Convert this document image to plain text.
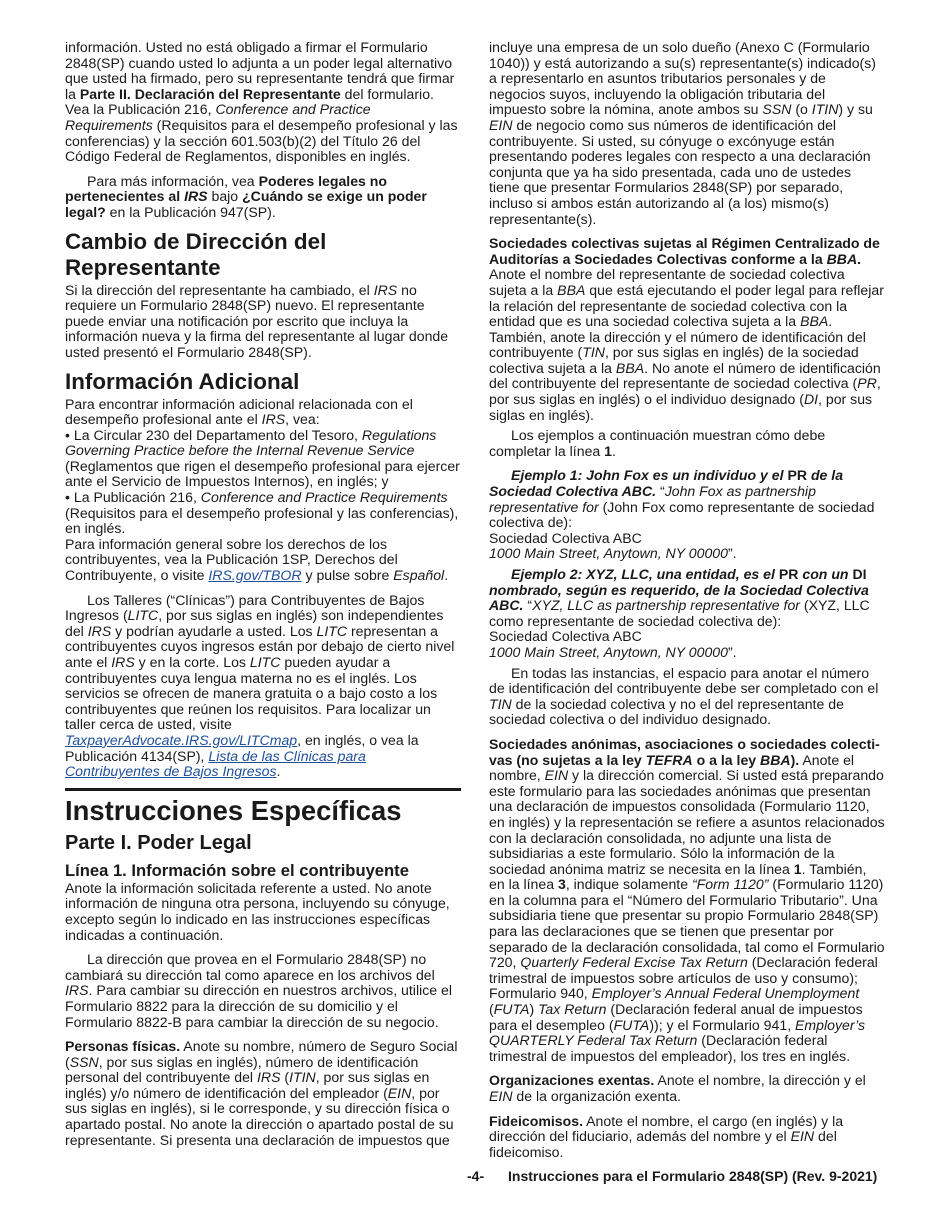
información. Usted no está obligado a firmar el Formulario 2848(SP) cuando usted lo adjunta a un poder legal alternativo que usted ha firmado, pero su representante tendrá que firmar la Parte II. Declaración del Representante del formulario. Vea la Publicación 216, Conference and Practice Requirements (Requisitos para el desempeño profesional y las conferencias) y la sección 601.503(b)(2) del Título 26 del Código Federal de Reglamentos, disponibles en inglés.

Para más información, vea Poderes legales no pertenecientes al IRS bajo ¿Cuándo se exige un poder legal? en la Publicación 947(SP).

Cambio de Dirección del Representante

Si la dirección del representante ha cambiado, el IRS no requiere un Formulario 2848(SP) nuevo. El representante puede enviar una notificación por escrito que incluya la información nueva y la firma del representante al lugar donde usted presentó el Formulario 2848(SP).

Información Adicional

Para encontrar información adicional relacionada con el desempeño profesional ante el IRS, vea:

• La Circular 230 del Departamento del Tesoro, Regulations Governing Practice before the Internal Revenue Service (Reglamentos que rigen el desempeño profesional para ejercer ante el Servicio de Impuestos Internos), en inglés; y

• La Publicación 216, Conference and Practice Requirements (Requisitos para el desempeño profesional y las conferencias), en inglés.

Para información general sobre los derechos de los contribuyentes, vea la Publicación 1SP, Derechos del Contribuyente, o visite IRS.gov/TBOR y pulse sobre Español.

Los Talleres (“Clínicas”) para Contribuyentes de Bajos Ingresos (LITC, por sus siglas en inglés) son independientes del IRS y podrían ayudarle a usted. Los LITC representan a contribuyentes cuyos ingresos están por debajo de cierto nivel ante el IRS y en la corte. Los LITC pueden ayudar a contribuyentes cuya lengua materna no es el inglés. Los servicios se ofrecen de manera gratuita o a bajo costo a los contribuyentes que reúnen los requisitos. Para localizar un taller cerca de usted, visite TaxpayerAdvocate.IRS.gov/LITCmap, en inglés, o vea la Publicación 4134(SP), Lista de las Clínicas para Contribuyentes de Bajos Ingresos.

Instrucciones Específicas
Parte I. Poder Legal
Línea 1. Información sobre el contribuyente

Anote la información solicitada referente a usted. No anote información de ninguna otra persona, incluyendo su cónyuge, excepto según lo indicado en las instrucciones específicas indicadas a continuación.

La dirección que provea en el Formulario 2848(SP) no cambiará su dirección tal como aparece en los archivos del IRS. Para cambiar su dirección en nuestros archivos, utilice el Formulario 8822 para la dirección de su domicilio y el Formulario 8822-B para cambiar la dirección de su negocio.

Personas físicas. Anote su nombre, número de Seguro Social (SSN, por sus siglas en inglés), número de identificación personal del contribuyente del IRS (ITIN, por sus siglas en inglés) y/o número de identificación del empleador (EIN, por sus siglas en inglés), si le corresponde, y su dirección física o apartado postal. No anote la dirección o apartado postal de su representante. Si presenta una declaración de impuestos que

incluye una empresa de un solo dueño (Anexo C (Formulario 1040)) y está autorizando a su(s) representante(s) indicado(s) a representarlo en asuntos tributarios personales y de negocios suyos, incluyendo la obligación tributaria del impuesto sobre la nómina, anote ambos su SSN (o ITIN) y su EIN de negocio como sus números de identificación del contribuyente. Si usted, su cónyuge o excónyuge están presentando poderes legales con respecto a una declaración conjunta que ya ha sido presentada, cada uno de ustedes tiene que presentar Formularios 2848(SP) por separado, incluso si ambos están autorizando al (a los) mismo(s) representante(s).

Sociedades colectivas sujetas al Régimen Centralizado de Auditorías a Sociedades Colectivas conforme a la BBA. Anote el nombre del representante de sociedad colectiva sujeta a la BBA que está ejecutando el poder legal para reflejar la relación del representante de sociedad colectiva con la entidad que es una sociedad colectiva sujeta a la BBA. También, anote la dirección y el número de identificación del contribuyente (TIN, por sus siglas en inglés) de la sociedad colectiva sujeta a la BBA. No anote el número de identificación del contribuyente del representante de sociedad colectiva (PR, por sus siglas en inglés) o el individuo designado (DI, por sus siglas en inglés).

Los ejemplos a continuación muestran cómo debe completar la línea 1.

Ejemplo 1: John Fox es un individuo y el PR de la Sociedad Colectiva ABC. “John Fox as partnership representative for (John Fox como representante de sociedad colectiva de):

Sociedad Colectiva ABC

1000 Main Street, Anytown, NY 00000”.

Ejemplo 2: XYZ, LLC, una entidad, es el PR con un DI nombrado, según es requerido, de la Sociedad Colectiva ABC. “XYZ, LLC as partnership representative for (XYZ, LLC como representante de sociedad colectiva de):

Sociedad Colectiva ABC

1000 Main Street, Anytown, NY 00000”.

En todas las instancias, el espacio para anotar el número de identificación del contribuyente debe ser completado con el TIN de la sociedad colectiva y no el del representante de sociedad colectiva o del individuo designado.

Sociedades anónimas, asociaciones o sociedades colecti-vas (no sujetas a la ley TEFRA o a la ley BBA). Anote el nombre, EIN y la dirección comercial. Si usted está preparando este formulario para las sociedades anónimas que presentan una declaración de impuestos consolidada (Formulario 1120, en inglés) y la representación se refiere a asuntos relacionados con la declaración consolidada, no adjunte una lista de subsidiarias a este formulario. Sólo la información de la sociedad anónima matriz se necesita en la línea 1. También, en la línea 3, indique solamente “Form 1120” (Formulario 1120) en la columna para el “Número del Formulario Tributario”. Una subsidiaria tiene que presentar su propio Formulario 2848(SP) para las declaraciones que se tienen que presentar por separado de la declaración consolidada, tal como el Formulario 720, Quarterly Federal Excise Tax Return (Declaración federal trimestral de impuestos sobre artículos de uso y consumo); Formulario 940, Employer’s Annual Federal Unemployment (FUTA) Tax Return (Declaración federal anual de impuestos para el desempleo (FUTA)); y el Formulario 941, Employer’s QUARTERLY Federal Tax Return (Declaración federal trimestral de impuestos del empleador), los tres en inglés.

Organizaciones exentas. Anote el nombre, la dirección y el EIN de la organización exenta.

Fideicomisos. Anote el nombre, el cargo (en inglés) y la dirección del fiduciario, además del nombre y el EIN del fideicomiso.

-4- Instrucciones para el Formulario 2848(SP) (Rev. 9-2021)
